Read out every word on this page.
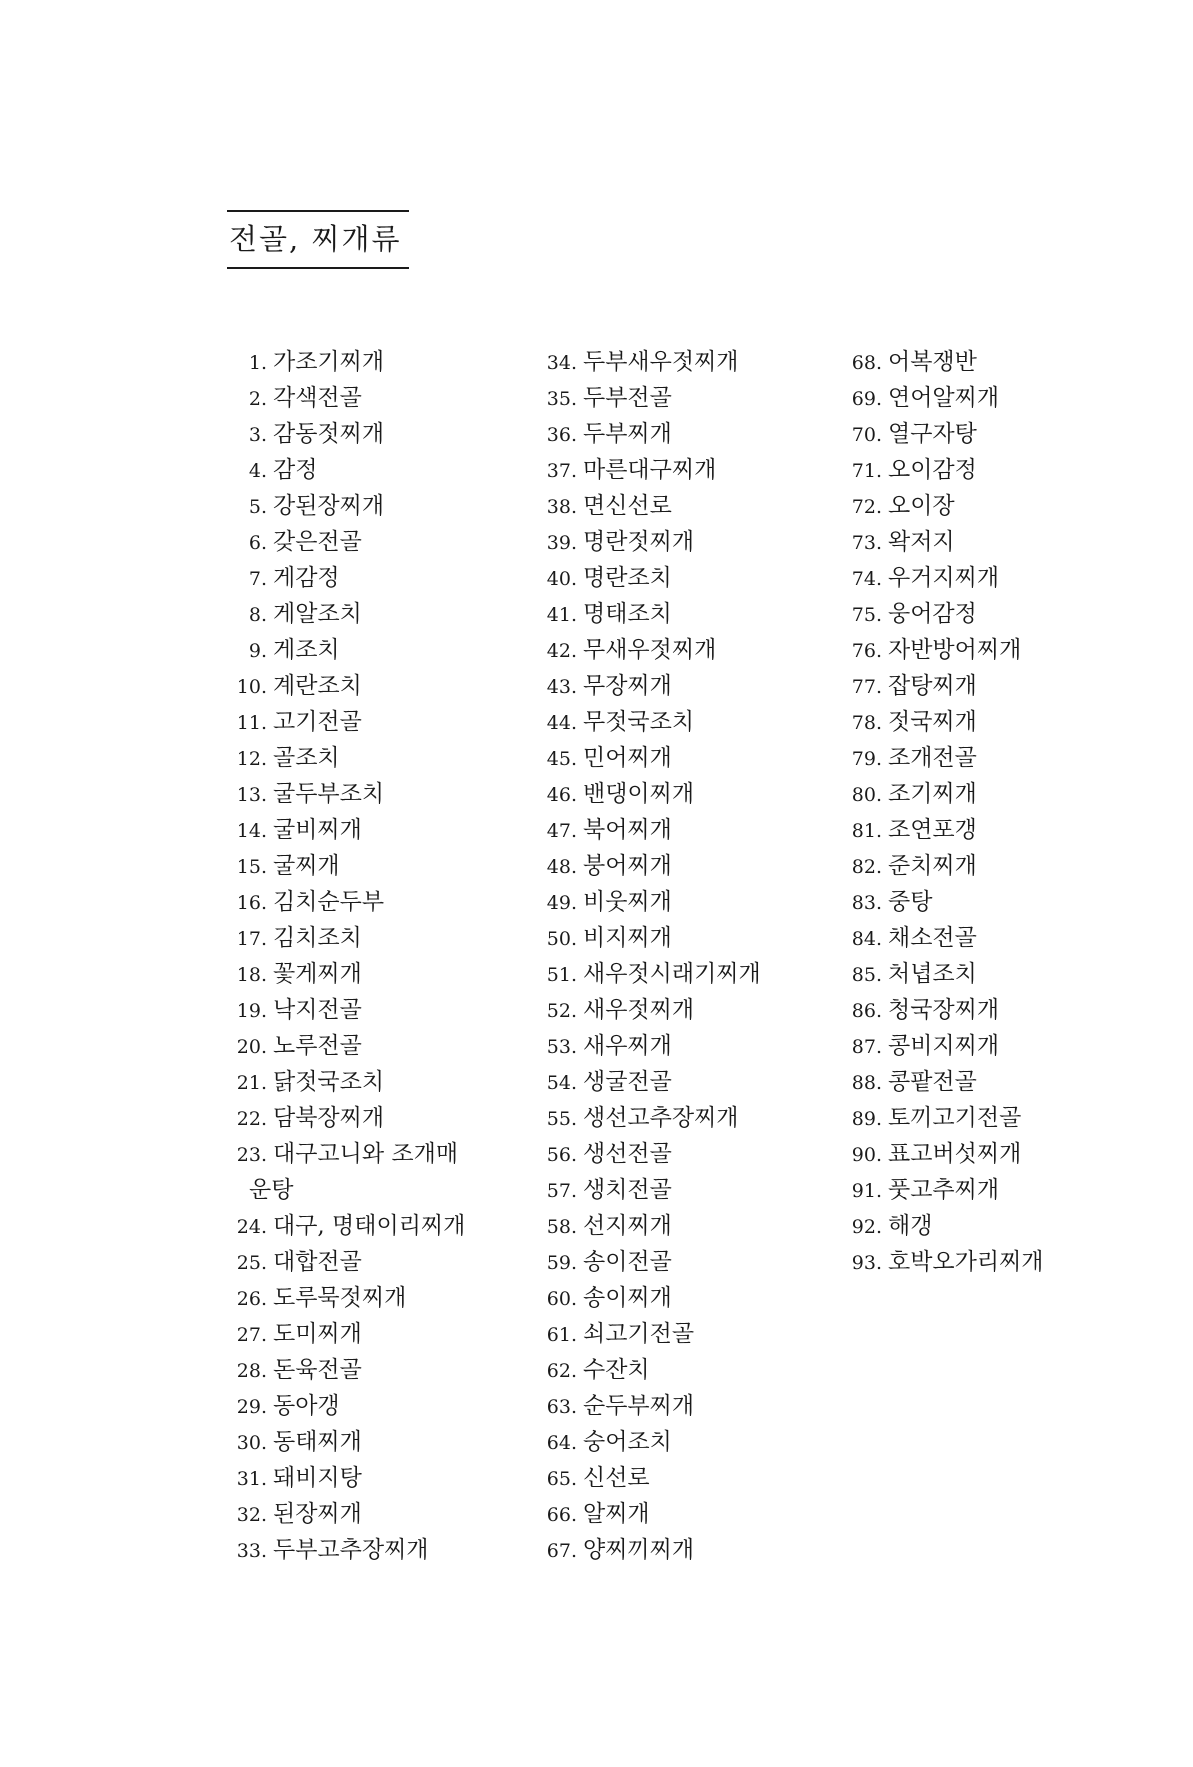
전골, 찌개류
1. 가조기찌개
2. 각색전골
3. 감동젓찌개
4. 감정
5. 강된장찌개
6. 갖은전골
7. 게감정
8. 게알조치
9. 게조치
10. 계란조치
11. 고기전골
12. 골조치
13. 굴두부조치
14. 굴비찌개
15. 굴찌개
16. 김치순두부
17. 김치조치
18. 꽃게찌개
19. 낙지전골
20. 노루전골
21. 닭젓국조치
22. 담북장찌개
23. 대구고니와 조개매
운탕
24. 대구, 명태이리찌개
25. 대합전골
26. 도루묵젓찌개
27. 도미찌개
28. 돈육전골
29. 동아갱
30. 동태찌개
31. 돼비지탕
32. 된장찌개
33. 두부고추장찌개
34. 두부새우젓찌개
35. 두부전골
36. 두부찌개
37. 마른대구찌개
38. 면신선로
39. 명란젓찌개
40. 명란조치
41. 명태조치
42. 무새우젓찌개
43. 무장찌개
44. 무젓국조치
45. 민어찌개
46. 밴댕이찌개
47. 북어찌개
48. 붕어찌개
49. 비웃찌개
50. 비지찌개
51. 새우젓시래기찌개
52. 새우젓찌개
53. 새우찌개
54. 생굴전골
55. 생선고추장찌개
56. 생선전골
57. 생치전골
58. 선지찌개
59. 송이전골
60. 송이찌개
61. 쇠고기전골
62. 수잔치
63. 순두부찌개
64. 숭어조치
65. 신선로
66. 알찌개
67. 양찌끼찌개
68. 어복쟁반
69. 연어알찌개
70. 열구자탕
71. 오이감정
72. 오이장
73. 왁저지
74. 우거지찌개
75. 웅어감정
76. 자반방어찌개
77. 잡탕찌개
78. 젓국찌개
79. 조개전골
80. 조기찌개
81. 조연포갱
82. 준치찌개
83. 중탕
84. 채소전골
85. 처녑조치
86. 청국장찌개
87. 콩비지찌개
88. 콩팥전골
89. 토끼고기전골
90. 표고버섯찌개
91. 풋고추찌개
92. 해갱
93. 호박오가리찌개
